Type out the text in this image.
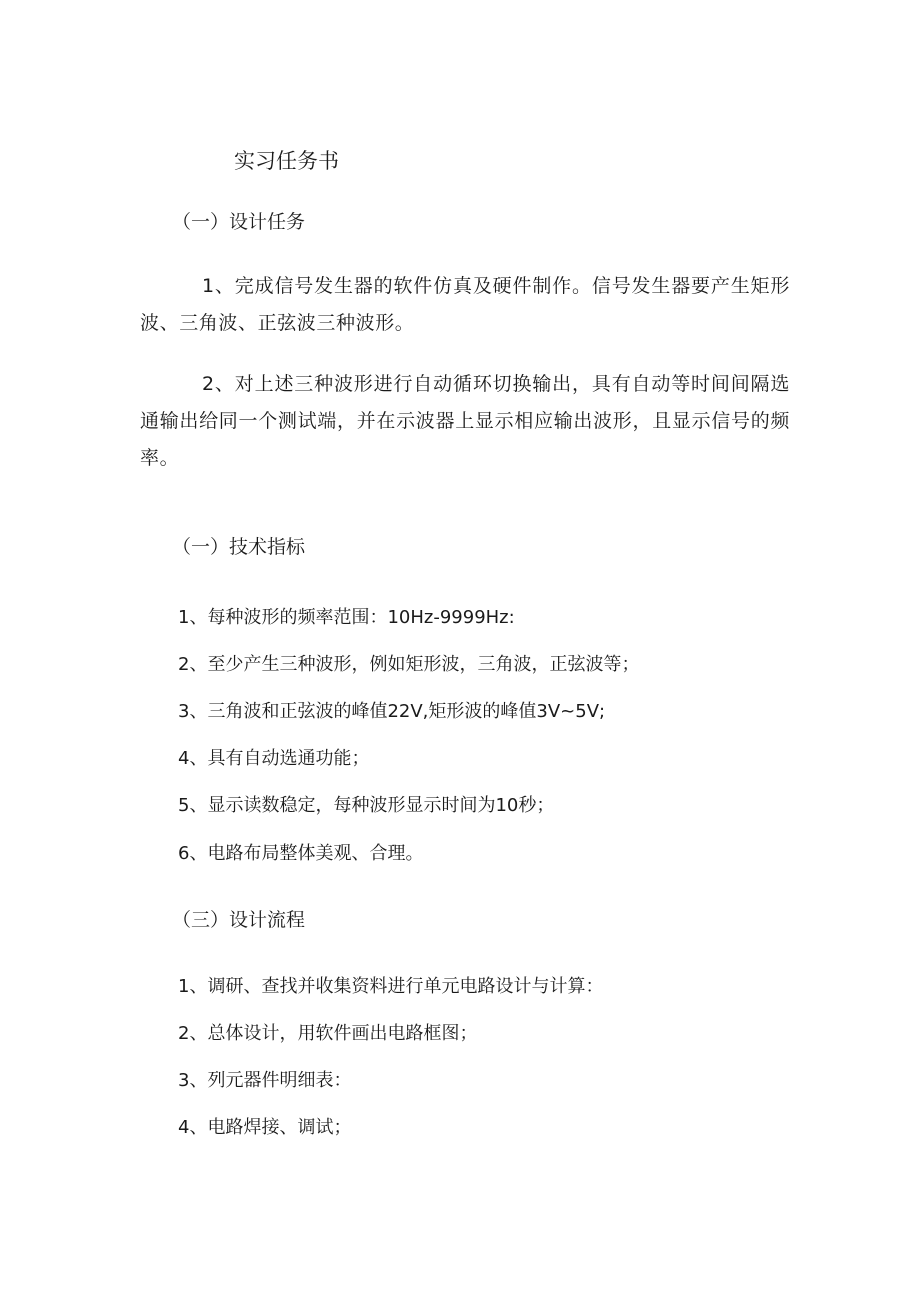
实习任务书
（一）设计任务
1、完成信号发生器的软件仿真及硬件制作。信号发生器要产生矩形波、三角波、正弦波三种波形。
2、对上述三种波形进行自动循环切换输出，具有自动等时间间隔选通输出给同一个测试端，并在示波器上显示相应输出波形，且显示信号的频率。
（一）技术指标
1、每种波形的频率范围：10Hz-9999Hz:
2、至少产生三种波形，例如矩形波，三角波，正弦波等；
3、三角波和正弦波的峰值22V,矩形波的峰值3V~5V;
4、具有自动选通功能；
5、显示读数稳定，每种波形显示时间为10秒；
6、电路布局整体美观、合理。
（三）设计流程
1、调研、查找并收集资料进行单元电路设计与计算：
2、总体设计，用软件画出电路框图；
3、列元器件明细表：
4、电路焊接、调试；
